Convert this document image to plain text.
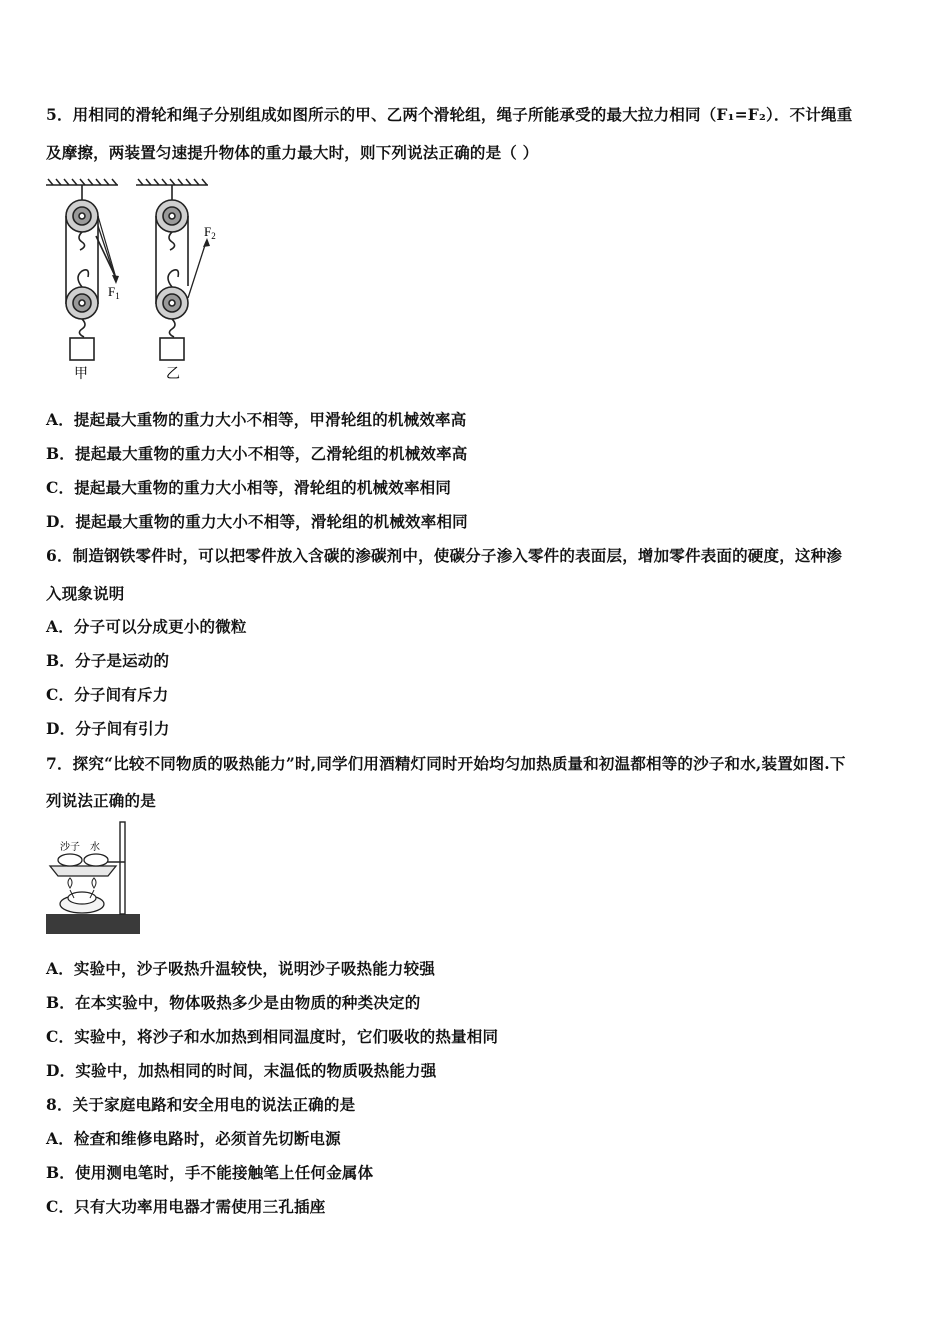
5．用相同的滑轮和绳子分别组成如图所示的甲、乙两个滑轮组，绳子所能承受的最大拉力相同（F₁=F₂）．不计绳重
及摩擦，两装置匀速提升物体的重力最大时，则下列说法正确的是（ ）
$F_1$
甲
$F_2$
乙
A．提起最大重物的重力大小不相等，甲滑轮组的机械效率高
B．提起最大重物的重力大小不相等，乙滑轮组的机械效率高
C．提起最大重物的重力大小相等，滑轮组的机械效率相同
D．提起最大重物的重力大小不相等，滑轮组的机械效率相同
6．制造钢铁零件时，可以把零件放入含碳的渗碳剂中，使碳分子渗入零件的表面层，增加零件表面的硬度，这种渗
入现象说明
A．分子可以分成更小的微粒
B．分子是运动的
C．分子间有斥力
D．分子间有引力
7．探究“比较不同物质的吸热能力”时,同学们用酒精灯同时开始均匀加热质量和初温都相等的沙子和水,装置如图.下
列说法正确的是
沙子 水
A．实验中，沙子吸热升温较快，说明沙子吸热能力较强
B．在本实验中，物体吸热多少是由物质的种类决定的
C．实验中，将沙子和水加热到相同温度时，它们吸收的热量相同
D．实验中，加热相同的时间，末温低的物质吸热能力强
8．关于家庭电路和安全用电的说法正确的是
A．检查和维修电路时，必须首先切断电源
B．使用测电笔时，手不能接触笔上任何金属体
C．只有大功率用电器才需使用三孔插座
